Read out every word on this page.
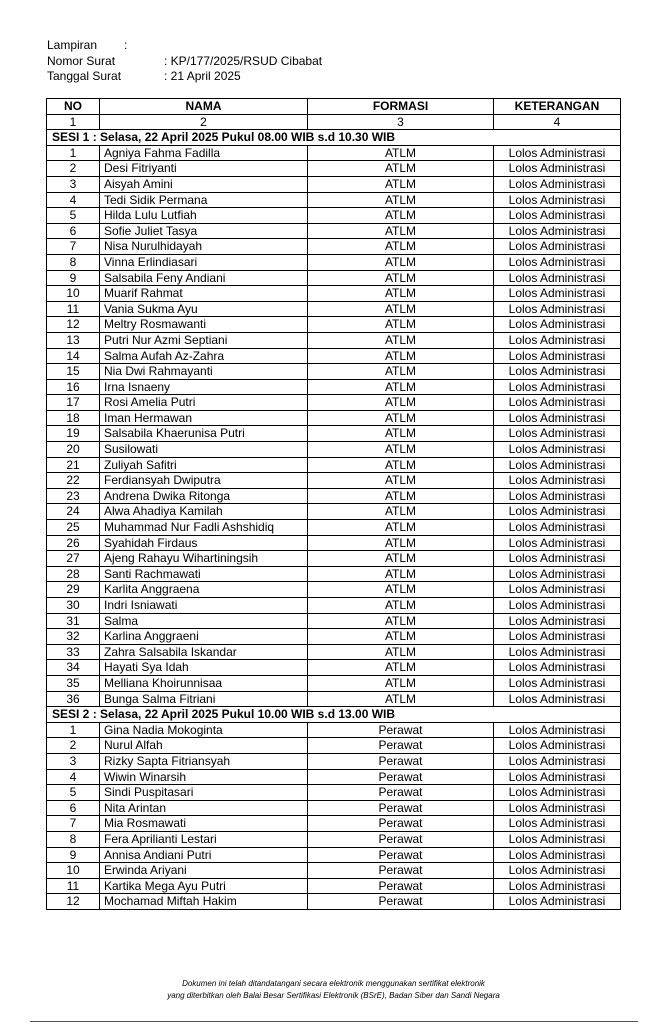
Lampiran	:
Nomor Surat	: KP/177/2025/RSUD Cibabat
Tanggal Surat	: 21 April 2025
NO	NAMA	FORMASI	KETERANGAN
1	2	3	4
SESI 1 : Selasa, 22 April 2025 Pukul 08.00 WIB s.d 10.30 WIB			
1	Agniya Fahma Fadilla	ATLM	Lolos Administrasi
2	Desi Fitriyanti	ATLM	Lolos Administrasi
3	Aisyah Amini	ATLM	Lolos Administrasi
4	Tedi Sidik Permana	ATLM	Lolos Administrasi
5	Hilda Lulu Lutfiah	ATLM	Lolos Administrasi
6	Sofie Juliet Tasya	ATLM	Lolos Administrasi
7	Nisa Nurulhidayah	ATLM	Lolos Administrasi
8	Vinna Erlindiasari	ATLM	Lolos Administrasi
9	Salsabila Feny Andiani	ATLM	Lolos Administrasi
10	Muarif Rahmat	ATLM	Lolos Administrasi
11	Vania Sukma Ayu	ATLM	Lolos Administrasi
12	Meltry Rosmawanti	ATLM	Lolos Administrasi
13	Putri Nur Azmi Septiani	ATLM	Lolos Administrasi
14	Salma Aufah Az-Zahra	ATLM	Lolos Administrasi
15	Nia Dwi Rahmayanti	ATLM	Lolos Administrasi
16	Irna Isnaeny	ATLM	Lolos Administrasi
17	Rosi Amelia Putri	ATLM	Lolos Administrasi
18	Iman Hermawan	ATLM	Lolos Administrasi
19	Salsabila Khaerunisa Putri	ATLM	Lolos Administrasi
20	Susilowati	ATLM	Lolos Administrasi
21	Zuliyah Safitri	ATLM	Lolos Administrasi
22	Ferdiansyah Dwiputra	ATLM	Lolos Administrasi
23	Andrena Dwika Ritonga	ATLM	Lolos Administrasi
24	Alwa Ahadiya Kamilah	ATLM	Lolos Administrasi
25	Muhammad Nur Fadli Ashshidiq	ATLM	Lolos Administrasi
26	Syahidah Firdaus	ATLM	Lolos Administrasi
27	Ajeng Rahayu Wihartiningsih	ATLM	Lolos Administrasi
28	Santi Rachmawati	ATLM	Lolos Administrasi
29	Karlita Anggraena	ATLM	Lolos Administrasi
30	Indri Isniawati	ATLM	Lolos Administrasi
31	Salma	ATLM	Lolos Administrasi
32	Karlina Anggraeni	ATLM	Lolos Administrasi
33	Zahra Salsabila Iskandar	ATLM	Lolos Administrasi
34	Hayati Sya Idah	ATLM	Lolos Administrasi
35	Melliana Khoirunnisaa	ATLM	Lolos Administrasi
36	Bunga Salma Fitriani	ATLM	Lolos Administrasi
SESI 2 : Selasa, 22 April 2025 Pukul 10.00 WIB s.d 13.00 WIB			
1	Gina Nadia Mokoginta	Perawat	Lolos Administrasi
2	Nurul Alfah	Perawat	Lolos Administrasi
3	Rizky Sapta Fitriansyah	Perawat	Lolos Administrasi
4	Wiwin Winarsih	Perawat	Lolos Administrasi
5	Sindi Puspitasari	Perawat	Lolos Administrasi
6	Nita Arintan	Perawat	Lolos Administrasi
7	Mia Rosmawati	Perawat	Lolos Administrasi
8	Fera Aprilianti Lestari	Perawat	Lolos Administrasi
9	Annisa Andiani Putri	Perawat	Lolos Administrasi
10	Erwinda Ariyani	Perawat	Lolos Administrasi
11	Kartika Mega Ayu Putri	Perawat	Lolos Administrasi
12	Mochamad Miftah Hakim	Perawat	Lolos Administrasi
Dokumen ini telah ditandatangani secara elektronik menggunakan sertifikat elektronik
yang diterbitkan oleh Balai Besar Sertifikasi Elektronik (BSrE), Badan Siber dan Sandi Negara
